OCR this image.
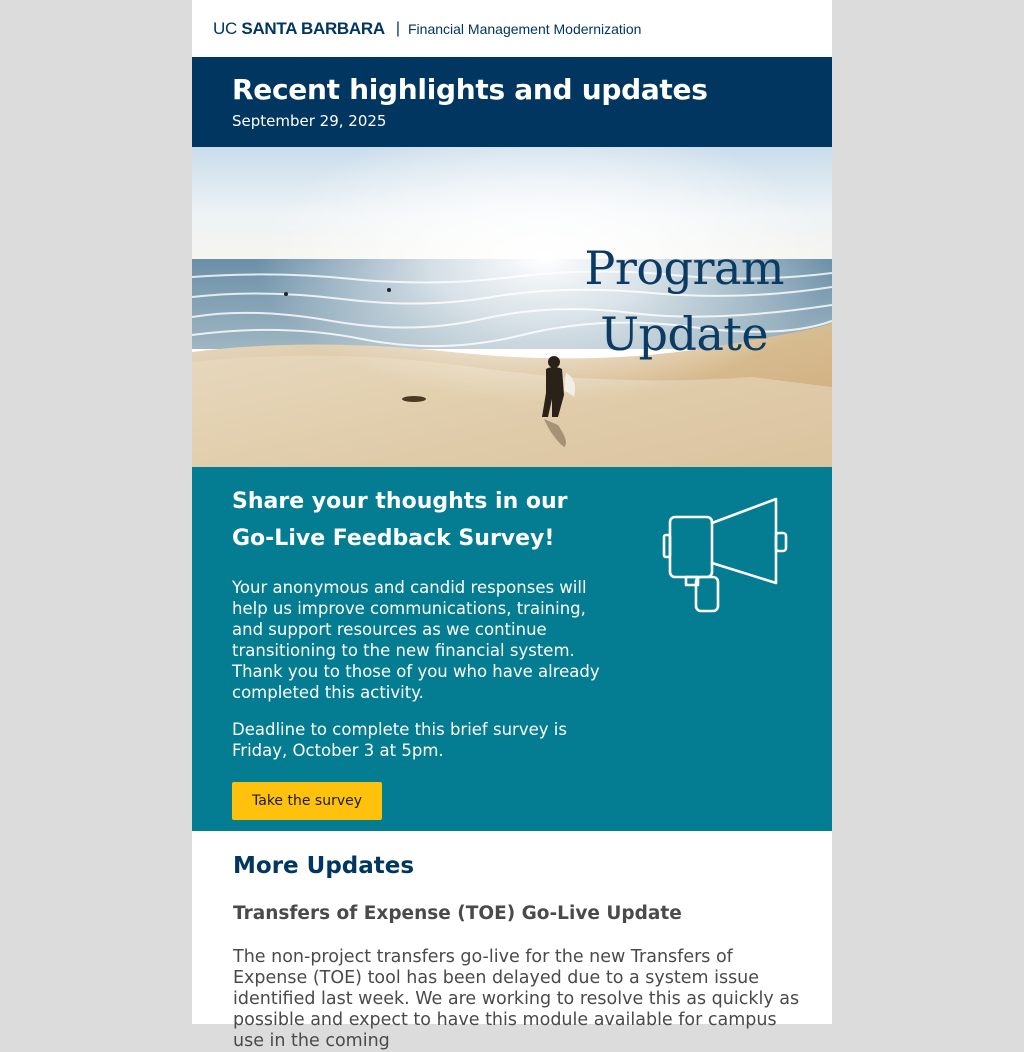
UC SANTA BARBARA | Financial Management Modernization
Recent highlights and updates
September 29, 2025
Program
Update
Share your thoughts in our
Go-Live Feedback Survey!

Your anonymous and candid responses will help us improve communications, training, and support resources as we continue transitioning to the new financial system. Thank you to those of you who have already completed this activity.

Deadline to complete this brief survey is Friday, October 3 at 5pm.

Take the survey
More Updates
Transfers of Expense (TOE) Go-Live Update

The non-project transfers go-live for the new Transfers of Expense (TOE) tool has been delayed due to a system issue identified last week. We are working to resolve this as quickly as possible and expect to have this module available for campus use in the coming
